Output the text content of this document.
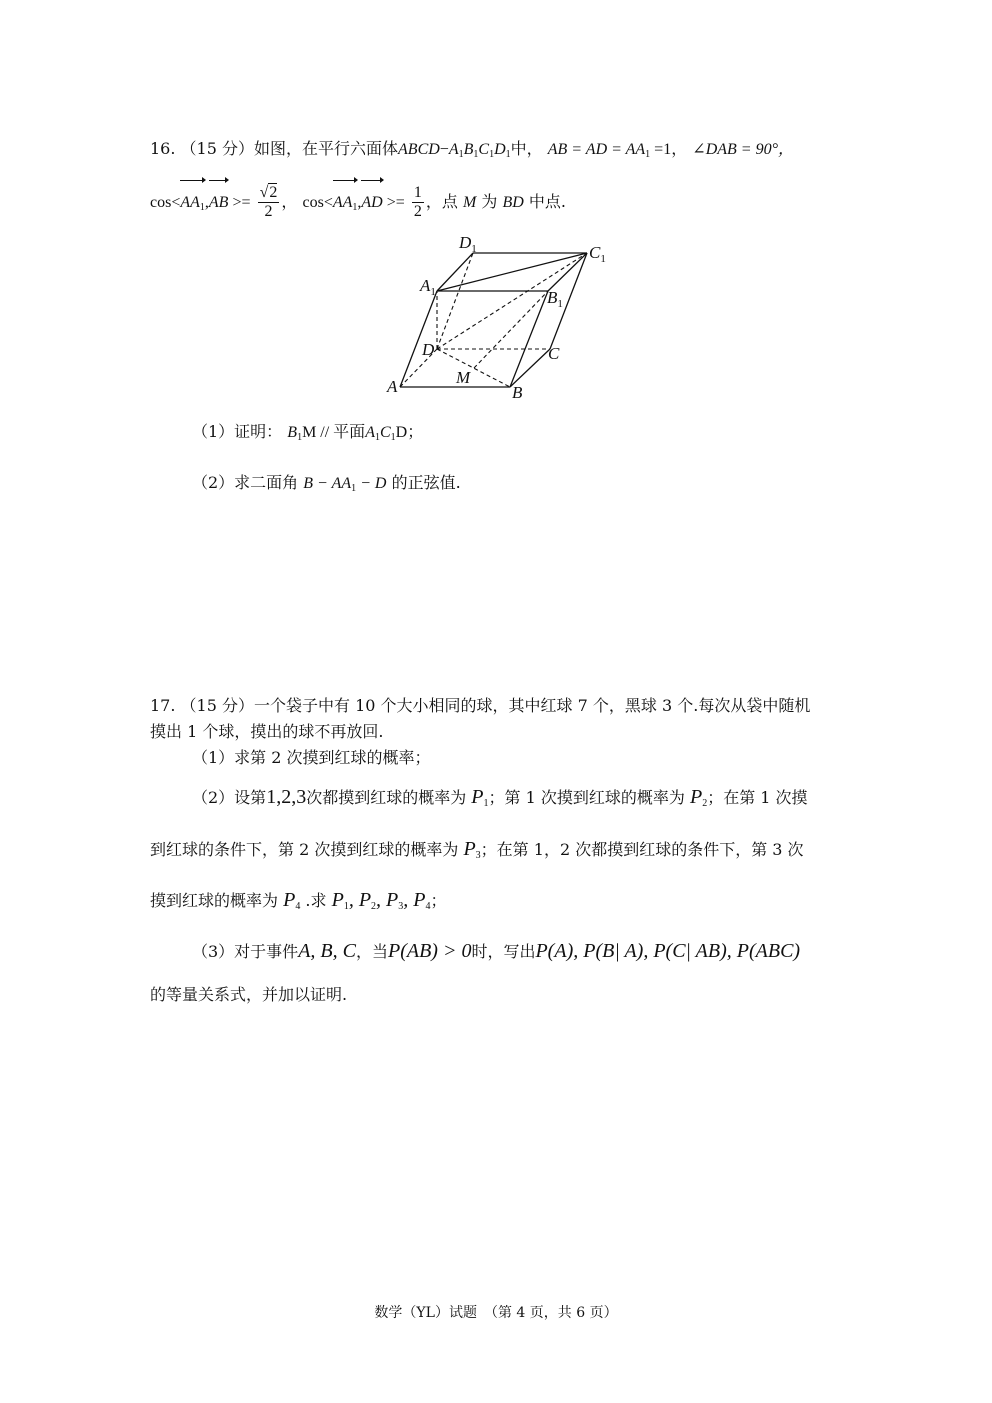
16. （15 分）如图，在平行六面体$ABCD-A_1B_1C_1D_1$中， AB = AD = $AA_1 =1$， ∠DAB = 90°，
$\cos<AA_1,AB >= \frac{√2}{2}$ ， $\cos<AA_1,AD >= \frac{1}{2}$ ，点 M 为 BD 中点.
$D_1$	$C_1$
$A_1$	$B_1$
D	C
A	B
M
（1）证明： $B_1M$ // 平面$A_1C_1D$；
（2）求二面角 $B - AA_1 - D$ 的正弦值.
17. （15 分）一个袋子中有 10 个大小相同的球，其中红球 7 个，黑球 3 个.每次从袋中随机
摸出 1 个球，摸出的球不再放回.
（1）求第 2 次摸到红球的概率；
（2）设第1,2,3次都摸到红球的概率为 $P_1$；第 1 次摸到红球的概率为 $P_2$；在第 1 次摸
到红球的条件下，第 2 次摸到红球的概率为 $P_3$；在第 1，2 次都摸到红球的条件下，第 3 次
摸到红球的概率为 $P_4$ .求 $P_1$, $P_2$, $P_3$, $P_4$；
（3）对于事件A, B, C，当P(AB) > 0时，写出P(A), P(B| A), P(C| AB), P(ABC)
的等量关系式，并加以证明.
数学（YL）试题　（第 4 页，共 6 页）
